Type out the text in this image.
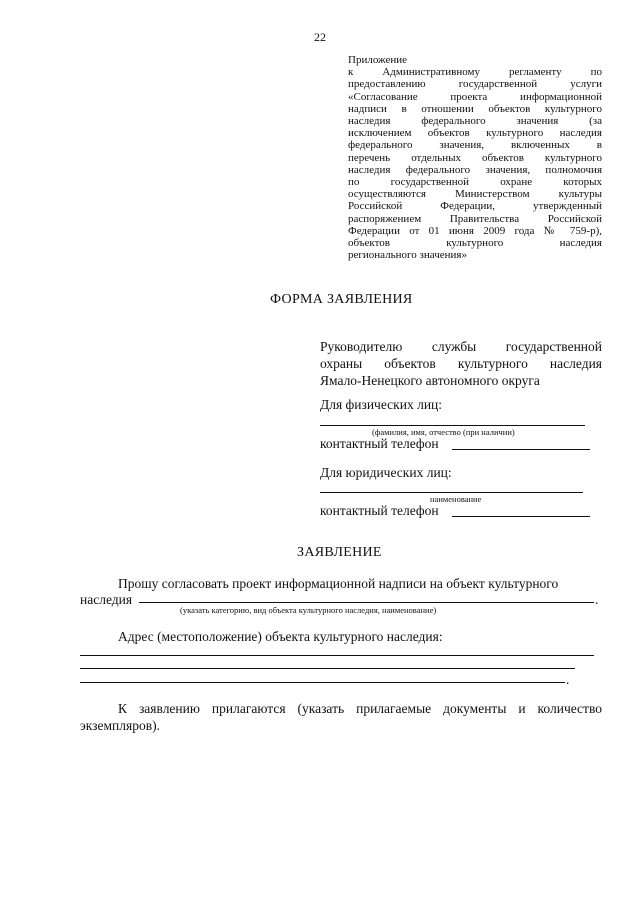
22
Приложение
к Административному регламенту по
предоставлению государственной услуги
«Согласование проекта информационной
надписи в отношении объектов культурного
наследия федерального значения (за
исключением объектов культурного наследия
федерального значения, включенных в
перечень отдельных объектов культурного
наследия федерального значения, полномочия
по государственной охране которых
осуществляются Министерством культуры
Российской Федерации, утвержденный
распоряжением Правительства Российской
Федерации от 01 июня 2009 года № 759-р),
объектов культурного наследия
регионального значения»
ФОРМА ЗАЯВЛЕНИЯ
Руководителю службы государственной
охраны объектов культурного наследия
Ямало-Ненецкого автономного округа
Для физических лиц:
(фамилия, имя, отчество (при наличии)
контактный телефон
Для юридических лиц:
наименование
контактный телефон
ЗАЯВЛЕНИЕ
Прошу согласовать проект информационной надписи на объект культурного
наследия	.
(указать категорию, вид объекта культурного наследия, наименование)
Адрес (местоположение) объекта культурного наследия:
.
К заявлению прилагаются (указать прилагаемые документы и количество
экземпляров).
